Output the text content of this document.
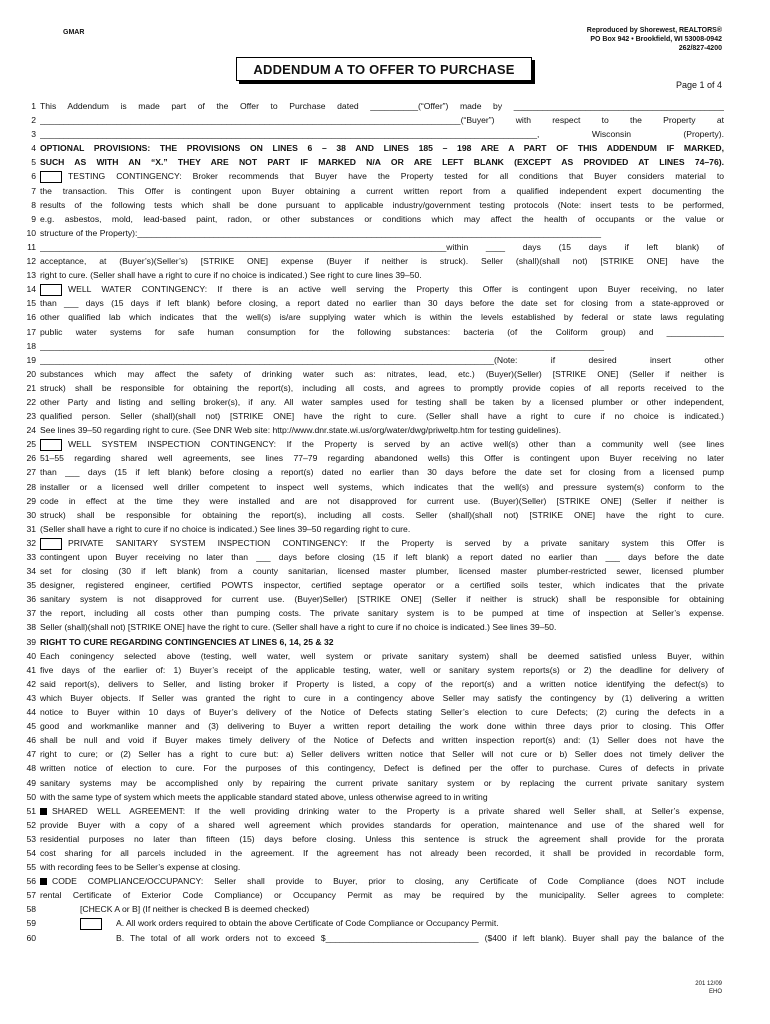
GMAR	Reproduced by Shorewest, REALTORS®
PO Box 942 • Brookfield, WI 53008-0942
262/827-4200
ADDENDUM A TO OFFER TO PURCHASE
Page 1 of 4
1 This Addendum is made part of the Offer to Purchase dated __________(“Offer”) made by ____________________________________________
2 ________________________________________________________________________________________(“Buyer”) with respect to the Property at
3 ________________________________________________________________________________________________________, Wisconsin (Property).
4 OPTIONAL PROVISIONS: THE PROVISIONS ON LINES 6 – 38 AND LINES 185 – 198 ARE A PART OF THIS ADDENDUM IF MARKED,
5 SUCH AS WITH AN “X.” THEY ARE NOT PART IF MARKED N/A OR ARE LEFT BLANK (EXCEPT AS PROVIDED AT LINES 74–76).
6	TESTING CONTINGENCY: Broker recommends that Buyer have the Property tested for all conditions that Buyer considers material to
7 the transaction. This Offer is contingent upon Buyer obtaining a current written report from a qualified independent expert documenting the
8 results of the following tests which shall be done pursuant to applicable industry/government testing protocols (Note: insert tests to be performed,
9 e.g. asbestos, mold, lead-based paint, radon, or other substances or conditions which may affect the health of occupants or the value or
10 structure of the Property):_________________________________________________________________________________________________
11 _____________________________________________________________________________________within ____ days (15 days if left blank) of
12 acceptance, at (Buyer’s)(Seller’s) [STRIKE ONE] expense (Buyer if neither is struck). Seller (shall)(shall not) [STRIKE ONE] have the
13 right to cure. (Seller shall have a right to cure if no choice is indicated.) See right to cure lines 39–50.
14	WELL WATER CONTINGENCY: If there is an active well serving the Property this Offer is contingent upon Buyer receiving, no later
15 than ___ days (15 days if left blank) before closing, a report dated no earlier than 30 days before the date set for closing from a state-approved or
16 other qualified lab which indicates that the well(s) is/are supplying water which is within the levels established by federal or state laws regulating
17 public water systems for safe human consumption for the following substances: bacteria (of the Coliform group) and ____________
18 ______________________________________________________________________________________________________________________
19 _______________________________________________________________________________________________(Note: if desired insert other
20 substances which may affect the safety of drinking water such as: nitrates, lead, etc.) (Buyer)(Seller) [STRIKE ONE] (Seller if neither is
21 struck) shall be responsible for obtaining the report(s), including all costs, and agrees to promptly provide copies of all reports received to the
22 other Party and listing and selling broker(s), if any. All water samples used for testing shall be taken by a licensed plumber or other independent,
23 qualified person. Seller (shall)(shall not) [STRIKE ONE] have the right to cure. (Seller shall have a right to cure if no choice is indicated.)
24 See lines 39–50 regarding right to cure. (See DNR Web site: http://www.dnr.state.wi.us/org/water/dwg/priweltp.htm for testing guidelines).
25	WELL SYSTEM INSPECTION CONTINGENCY: If the Property is served by an active well(s) other than a community well (see lines
26 51–55 regarding shared well agreements, see lines 77–79 regarding abandoned wells) this Offer is contingent upon Buyer receiving no later
27 than ___ days (15 if left blank) before closing a report(s) dated no earlier than 30 days before the date set for closing from a licensed pump
28 installer or a licensed well driller competent to inspect well systems, which indicates that the well(s) and pressure system(s) conform to the
29 code in effect at the time they were installed and are not disapproved for current use. (Buyer)(Seller) [STRIKE ONE] (Seller if neither is
30 struck) shall be responsible for obtaining the report(s), including all costs. Seller (shall)(shall not) [STRIKE ONE] have the right to cure.
31 (Seller shall have a right to cure if no choice is indicated.) See lines 39–50 regarding right to cure.
32	PRIVATE SANITARY SYSTEM INSPECTION CONTINGENCY: If the Property is served by a private sanitary system this Offer is
33 contingent upon Buyer receiving no later than ___ days before closing (15 if left blank) a report dated no earlier than ___ days before the date
34 set for closing (30 if left blank) from a county sanitarian, licensed master plumber, licensed master plumber-restricted sewer, licensed plumber
35 designer, registered engineer, certified POWTS inspector, certified septage operator or a certified soils tester, which indicates that the private
36 sanitary system is not disapproved for current use. (Buyer)Seller) [STRIKE ONE] (Seller if neither is struck) shall be responsible for obtaining
37 the report, including all costs other than pumping costs. The private sanitary system is to be pumped at time of inspection at Seller’s expense.
38 Seller (shall)(shall not) [STRIKE ONE] have the right to cure. (Seller shall have a right to cure if no choice is indicated.) See lines 39–50.
39 RIGHT TO CURE REGARDING CONTINGENCIES AT LINES 6, 14, 25 & 32
40 Each coningency selected above (testing, well water, well system or private sanitary system) shall be deemed satisfied unless Buyer, within
41 five days of the earlier of: 1) Buyer’s receipt of the applicable testing, water, well or sanitary system reports(s) or 2) the deadline for delivery of
42 said report(s), delivers to Seller, and listing broker if Property is listed, a copy of the report(s) and a written notice identifying the defect(s) to
43 which Buyer objects. If Seller was granted the right to cure in a contingency above Seller may satisfy the contingency by (1) delivering a written
44 notice to Buyer within 10 days of Buyer’s delivery of the Notice of Defects stating Seller’s election to cure Defects; (2) curing the defects in a
45 good and workmanlike manner and (3) delivering to Buyer a written report detailing the work done within three days prior to closing. This Offer
46 shall be null and void if Buyer makes timely delivery of the Notice of Defects and written inspection report(s) and: (1) Seller does not have the
47 right to cure; or (2) Seller has a right to cure but: a) Seller delivers written notice that Seller will not cure or b) Seller does not timely deliver the
48 written notice of election to cure. For the purposes of this contingency, Defect is defined per the offer to purchase. Cures of defects in private
49 sanitary systems may be accomplished only by repairing the current private sanitary system or by replacing the current private sanitary system
50 with the same type of system which meets the applicable standard stated above, unless otherwise agreed to in writing
51 SHARED WELL AGREEMENT: If the well providing drinking water to the Property is a private shared well Seller shall, at Seller’s expense,
52 provide Buyer with a copy of a shared well agreement which provides standards for operation, maintenance and use of the shared well for
53 residential purposes no later than fifteen (15) days before closing. Unless this sentence is struck the agreement shall provide for the prorata
54 cost sharing for all parcels included in the agreement. If the agreement has not already been recorded, it shall be provided in recordable form,
55 with recording fees to be Seller’s expense at closing.
56 CODE COMPLIANCE/OCCUPANCY: Seller shall provide to Buyer, prior to closing, any Certificate of Code Compliance (does NOT include
57 rental Certificate of Exterior Code Compliance) or Occupancy Permit as may be required by the municipality. Seller agrees to complete:
58	[CHECK A or B] (If neither is checked B is deemed checked)
59	A. All work orders required to obtain the above Certificate of Code Compliance or Occupancy Permit.
60	B. The total of all work orders not to exceed $________________________________ ($400 if left blank). Buyer shall pay the balance of the
201 12/09
EHO
